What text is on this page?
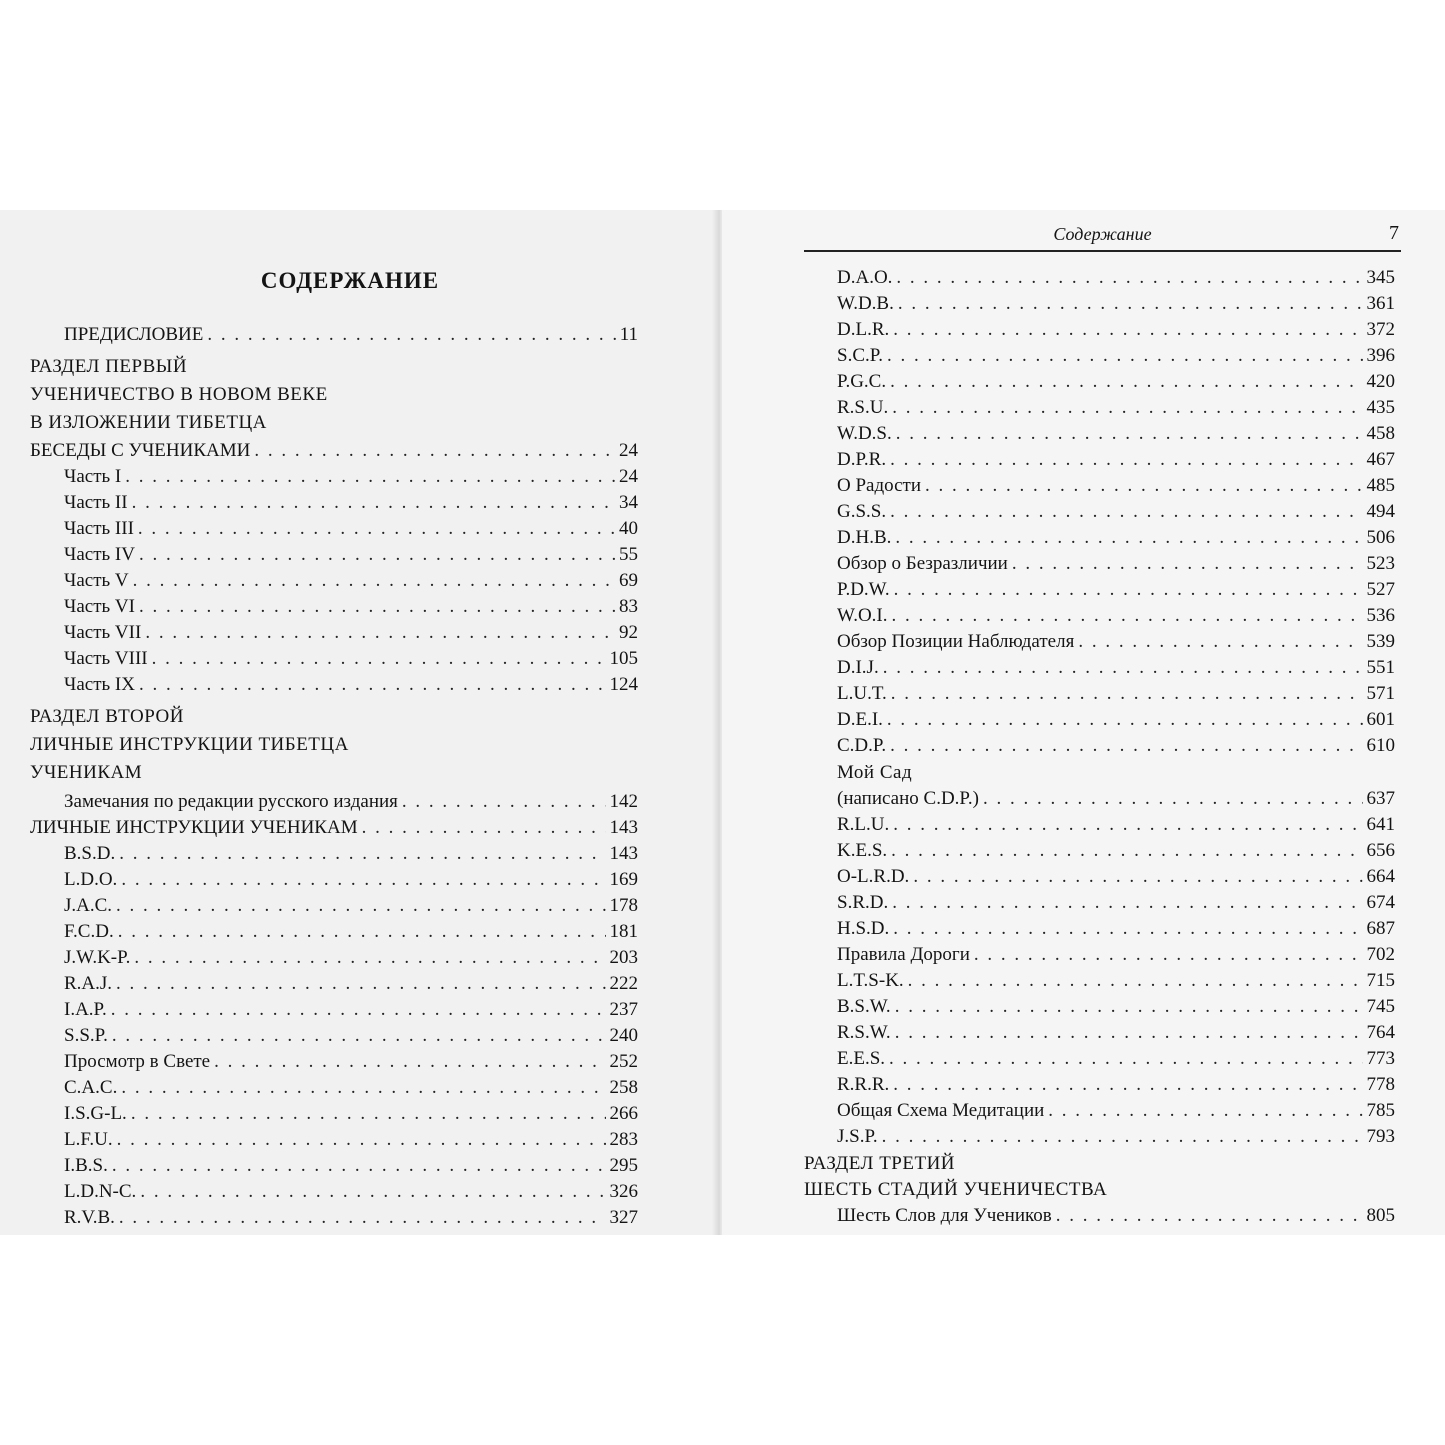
СОДЕРЖАНИЕ
ПРЕДИСЛОВИЕ . . .	11
РАЗДЕЛ ПЕРВЫЙ
УЧЕНИЧЕСТВО В НОВОМ ВЕКЕ
В ИЗЛОЖЕНИИ ТИБЕТЦА
БЕСЕДЫ С УЧЕНИКАМИ . . .	24
Часть I . . .	24
Часть II . . .	34
Часть III . . .	40
Часть IV . . .	55
Часть V . . .	69
Часть VI . . .	83
Часть VII . . .	92
Часть VIII . . .	105
Часть IX . . .	124
РАЗДЕЛ ВТОРОЙ
ЛИЧНЫЕ ИНСТРУКЦИИ ТИБЕТЦА
УЧЕНИКАМ
Замечания по редакции русского издания . . .	142
ЛИЧНЫЕ ИНСТРУКЦИИ УЧЕНИКАМ . . .	143
B.S.D. . . .	143
L.D.O. . . .	169
J.A.C. . . .	178
F.C.D. . . .	181
J.W.K-P. . . .	203
R.A.J. . . .	222
I.A.P. . . .	237
S.S.P. . . .	240
Просмотр в Свете . . .	252
C.A.C. . . .	258
I.S.G-L. . . .	266
L.F.U. . . .	283
I.B.S. . . .	295
L.D.N-C. . . .	326
R.V.B. . . .	327
Содержание	7
D.A.O. . . .	345
W.D.B. . . .	361
D.L.R. . . .	372
S.C.P. . . .	396
P.G.C. . . .	420
R.S.U. . . .	435
W.D.S. . . .	458
D.P.R. . . .	467
О Радости . . .	485
G.S.S. . . .	494
D.H.B. . . .	506
Обзор о Безразличии . . .	523
P.D.W. . . .	527
W.O.I. . . .	536
Обзор Позиции Наблюдателя . . .	539
D.I.J. . . .	551
L.U.T. . . .	571
D.E.I. . . .	601
C.D.P. . . .	610
Мой Сад
(написано C.D.P.) . . .	637
R.L.U. . . .	641
K.E.S. . . .	656
O-L.R.D. . . .	664
S.R.D. . . .	674
H.S.D. . . .	687
Правила Дороги . . .	702
L.T.S-K. . . .	715
B.S.W. . . .	745
R.S.W. . . .	764
E.E.S. . . .	773
R.R.R. . . .	778
Общая Схема Медитации . . .	785
J.S.P. . . .	793
РАЗДЕЛ ТРЕТИЙ
ШЕСТЬ СТАДИЙ УЧЕНИЧЕСТВА
Шесть Слов для Учеников . . .	805
